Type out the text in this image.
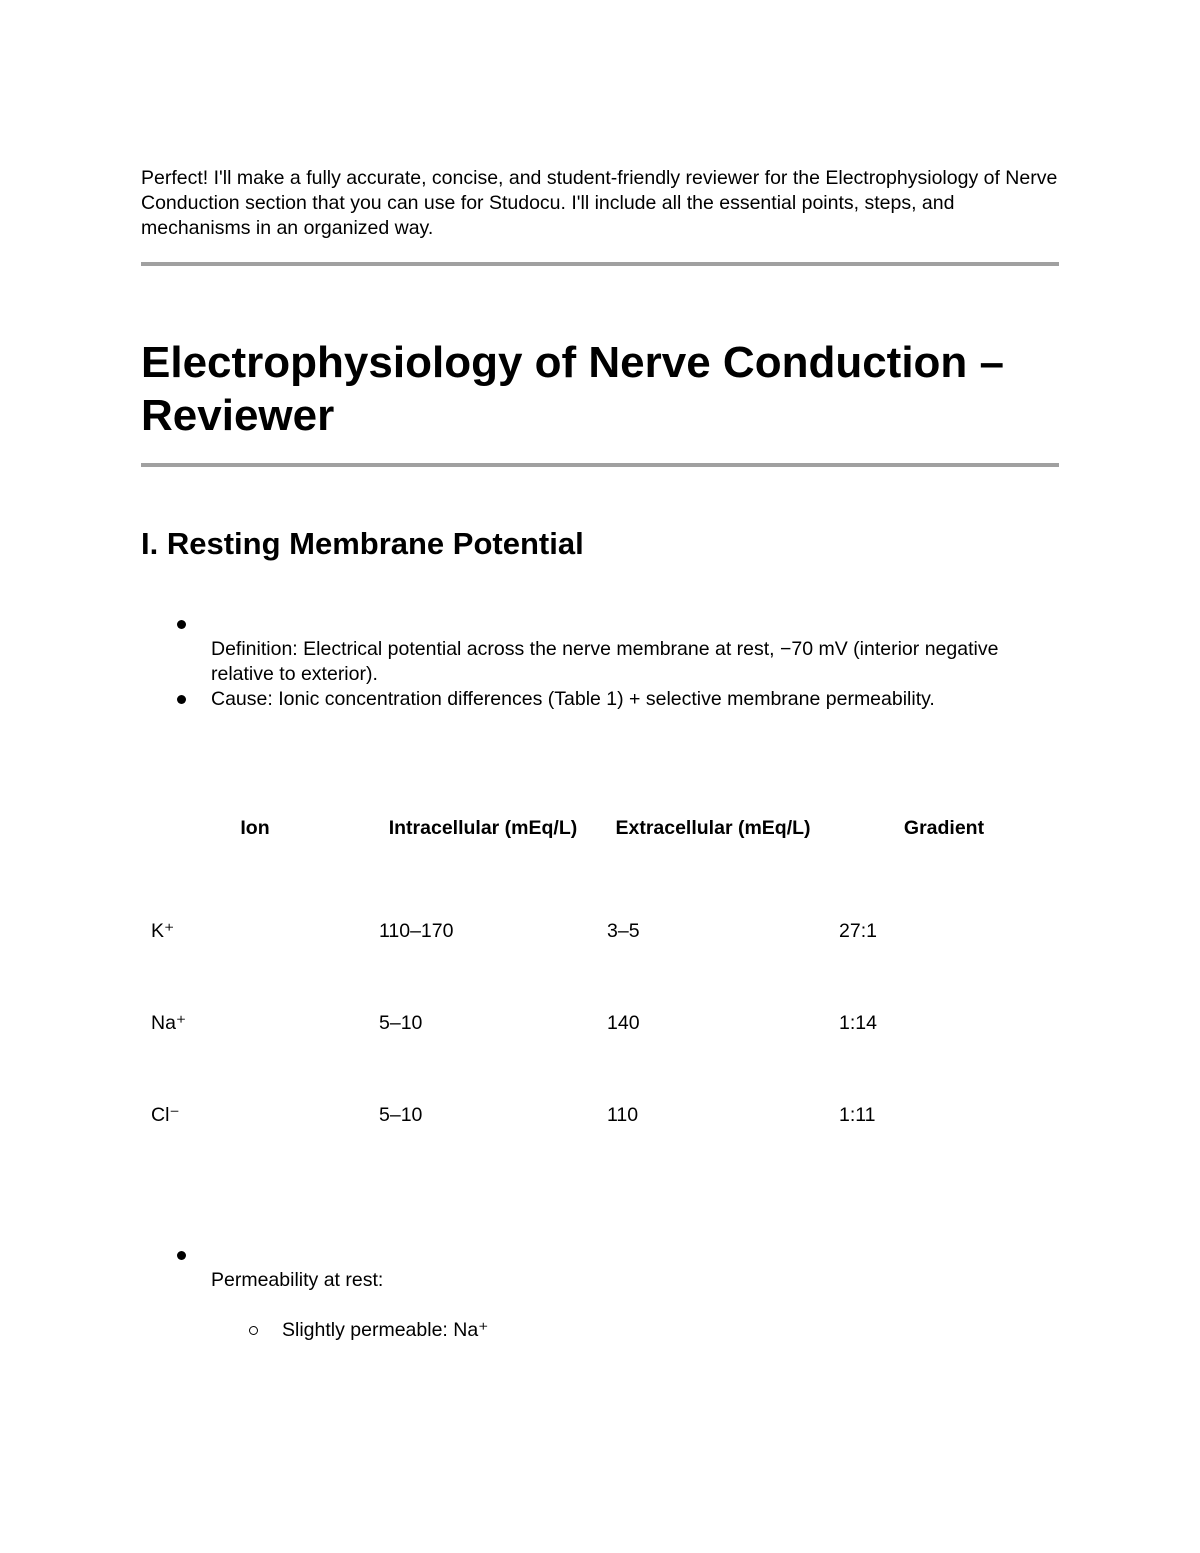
Perfect! I'll make a fully accurate, concise, and student-friendly reviewer for the Electrophysiology of Nerve Conduction section that you can use for Studocu. I'll include all the essential points, steps, and mechanisms in an organized way.

Electrophysiology of Nerve Conduction – Reviewer
I. Resting Membrane Potential
Definition: Electrical potential across the nerve membrane at rest, −70 mV (interior negative relative to exterior).
Cause: Ionic concentration differences (Table 1) + selective membrane permeability.
Ion	Intracellular (mEq/L)	Extracellular (mEq/L)	Gradient
K⁺	110–170	3–5	27:1
Na⁺	5–10	140	1:14
Cl⁻	5–10	110	1:11
Permeability at rest:
Slightly permeable: Na⁺
